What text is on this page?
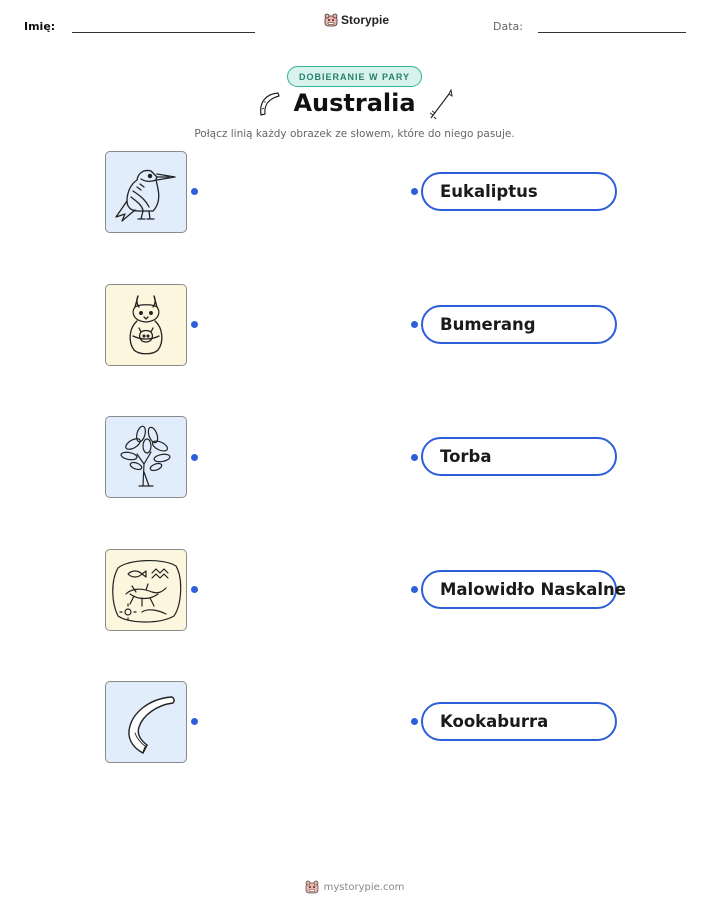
Imię:	Storypie	Data:
DOBIERANIE W PARY
Australia
Połącz linią każdy obrazek ze słowem, które do niego pasuje.
Eukaliptus
Bumerang
Torba
Malowidło Naskalne
Kookaburra
mystorypie.com
